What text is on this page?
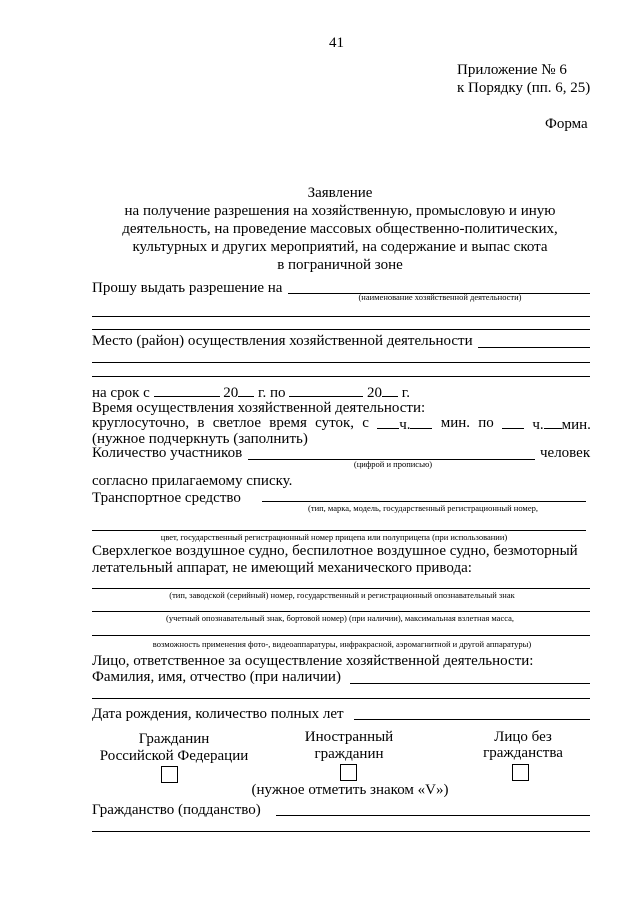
41
Приложение № 6
к Порядку (пп. 6, 25)
Форма
Заявление
на получение разрешения на хозяйственную, промысловую и иную
деятельность, на проведение массовых общественно-политических,
культурных и других мероприятий, на содержание и выпас скота
в пограничной зоне
Прошу выдать разрешение на
(наименование хозяйственной деятельности)
Место (район) осуществления хозяйственной деятельности
на срок с	20 г. по	20 г.
Время осуществления хозяйственной деятельности:
круглосуточно, в светлое время суток, с	ч.	мин. по	ч. мин.
(нужное подчеркнуть (заполнить)
Количество участников	человек
(цифрой и прописью)
согласно прилагаемому списку.
Транспортное средство
(тип, марка, модель, государственный регистрационный номер,
цвет, государственный регистрационный номер прицепа или полуприцепа (при использовании)
Сверхлегкое воздушное судно, беспилотное воздушное судно, безмоторный
летательный аппарат, не имеющий механического привода:
(тип, заводской (серийный) номер, государственный и регистрационный опознавательный знак
(учетный опознавательный знак, бортовой номер) (при наличии), максимальная взлетная масса,
возможность применения фото-, видеоаппаратуры, инфракрасной, аэромагнитной и другой аппаратуры)
Лицо, ответственное за осуществление хозяйственной деятельности:
Фамилия, имя, отчество (при наличии)
Дата рождения, количество полных лет
Гражданин
Российской Федерации
Иностранный
гражданин
Лицо без
гражданства
(нужное отметить знаком «V»)
Гражданство (подданство)
